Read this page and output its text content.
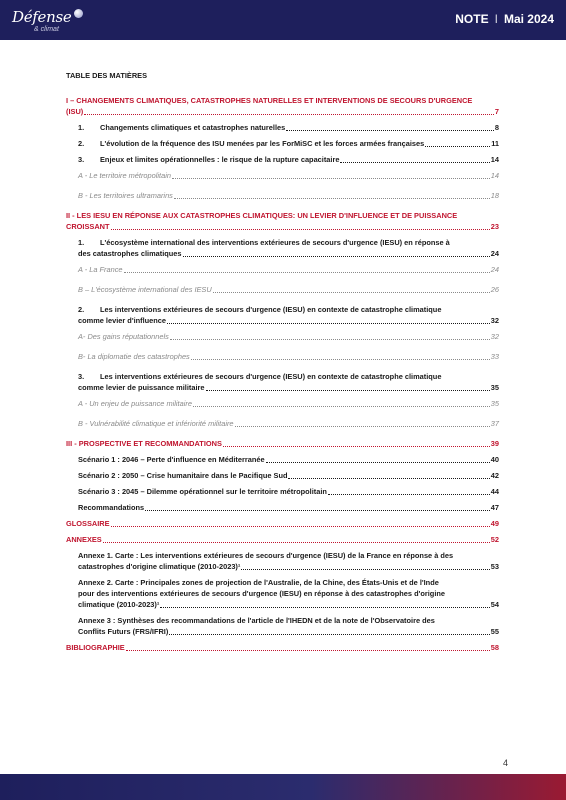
Défense
& climat
NOTE I Mai 2024
TABLE DES MATIÈRES
I – CHANGEMENTS CLIMATIQUES, CATASTROPHES NATURELLES ET INTERVENTIONS DE SECOURS D'URGENCE
(ISU)	7
1. Changements climatiques et catastrophes naturelles	8
2. L'évolution de la fréquence des ISU menées par les ForMiSC et les forces armées françaises	11
3. Enjeux et limites opérationnelles : le risque de la rupture capacitaire	14
A - Le territoire métropolitain	14
B - Les territoires ultramarins	18
II - LES IESU EN RÉPONSE AUX CATASTROPHES CLIMATIQUES: UN LEVIER D'INFLUENCE ET DE PUISSANCE
CROISSANT	23
1. L'écosystème international des interventions extérieures de secours d'urgence (IESU) en réponse à
des catastrophes climatiques	24
A - La France	24
B – L'écosystème international des IESU	26
2. Les interventions extérieures de secours d'urgence (IESU) en contexte de catastrophe climatique
comme levier d'influence	32
A- Des gains réputationnels	32
B- La diplomatie des catastrophes	33
3. Les interventions extérieures de secours d'urgence (IESU) en contexte de catastrophe climatique
comme levier de puissance militaire	35
A - Un enjeu de puissance militaire	35
B - Vulnérabilité climatique et infériorité militaire	37
III - PROSPECTIVE ET RECOMMANDATIONS	39
Scénario 1 : 2046 – Perte d'influence en Méditerranée	40
Scénario 2 : 2050 – Crise humanitaire dans le Pacifique Sud	42
Scénario 3 : 2045 – Dilemme opérationnel sur le territoire métropolitain	44
Recommandations	47
GLOSSAIRE	49
ANNEXES	52
Annexe 1. Carte : Les interventions extérieures de secours d'urgence (IESU) de la France en réponse à des
catastrophes d'origine climatique (2010-2023)¹	53
Annexe 2. Carte : Principales zones de projection de l'Australie, de la Chine, des États-Unis et de l'Inde
pour des interventions extérieures de secours d'urgence (IESU) en réponse à des catastrophes d'origine
climatique (2010-2023)¹	54
Annexe 3 : Synthèses des recommandations de l'article de l'IHEDN et de la note de l'Observatoire des
Conflits Futurs (FRS/IFRI)	55
BIBLIOGRAPHIE	58
4
